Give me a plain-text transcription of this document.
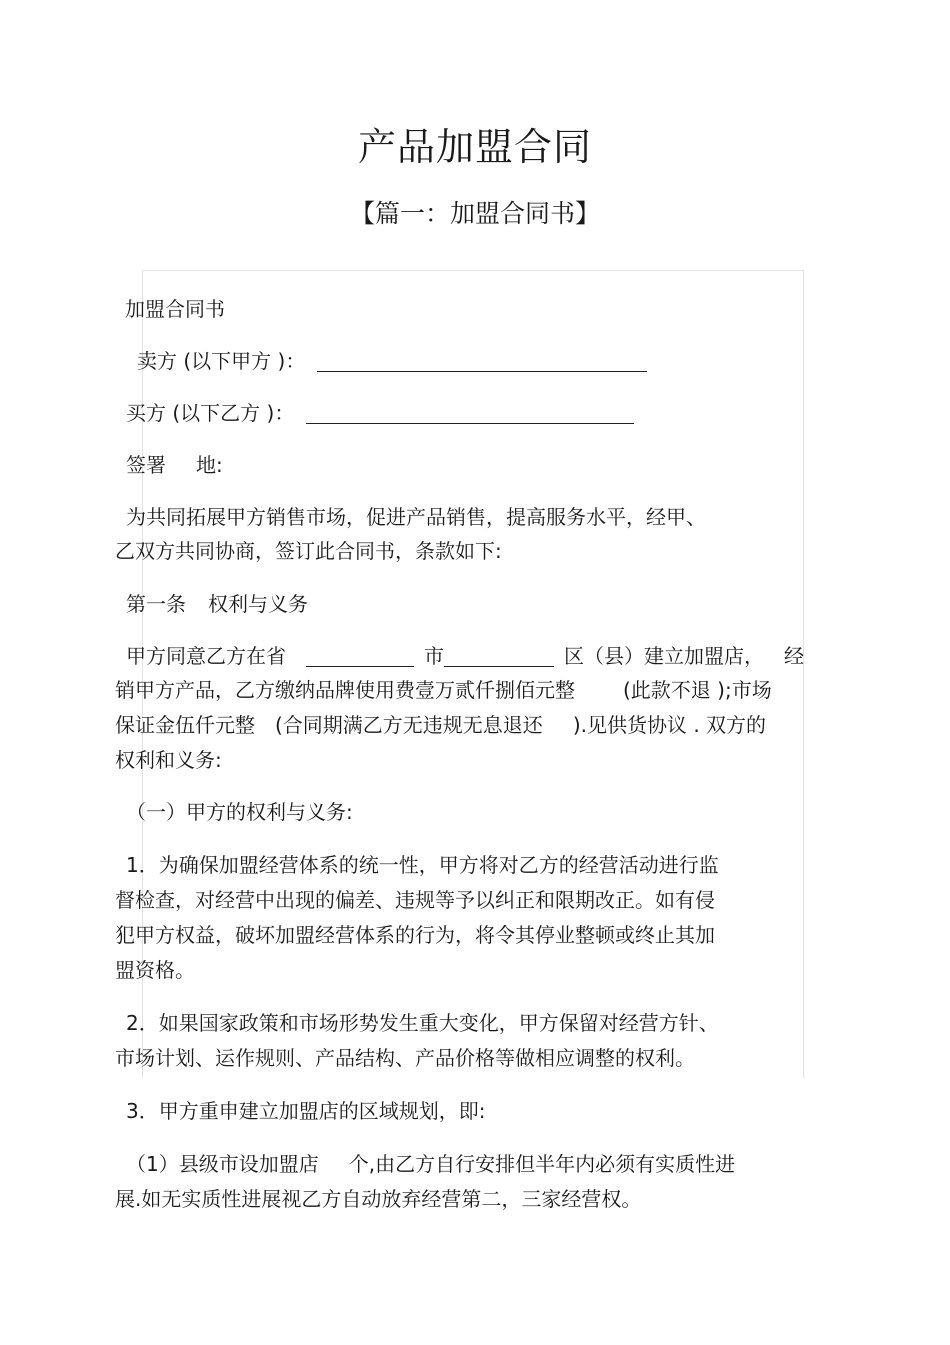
产品加盟合同
【篇一：加盟合同书】
加盟合同书
卖方 (以下甲方 )：
买方 (以下乙方 )：
签署 地:
为共同拓展甲方销售市场，促进产品销售，提高服务水平，经甲、
乙双方共同协商，签订此合同书，条款如下:
第一条 权利与义务
甲方同意乙方在省	市	区（县）建立加盟店， 经
销甲方产品，乙方缴纳品牌使用费壹万贰仟捌佰元整 (此款不退 );市场
保证金伍仟元整 (合同期满乙方无违规无息退还 ).见供货协议 . 双方的
权利和义务:
（一）甲方的权利与义务:
1．为确保加盟经营体系的统一性，甲方将对乙方的经营活动进行监
督检查，对经营中出现的偏差、违规等予以纠正和限期改正。如有侵
犯甲方权益，破坏加盟经营体系的行为，将令其停业整顿或终止其加
盟资格。
2．如果国家政策和市场形势发生重大变化，甲方保留对经营方针、
市场计划、运作规则、产品结构、产品价格等做相应调整的权利。
3．甲方重申建立加盟店的区域规划，即:
（1）县级市设加盟店 个,由乙方自行安排但半年内必须有实质性进
展.如无实质性进展视乙方自动放弃经营第二，三家经营权。
